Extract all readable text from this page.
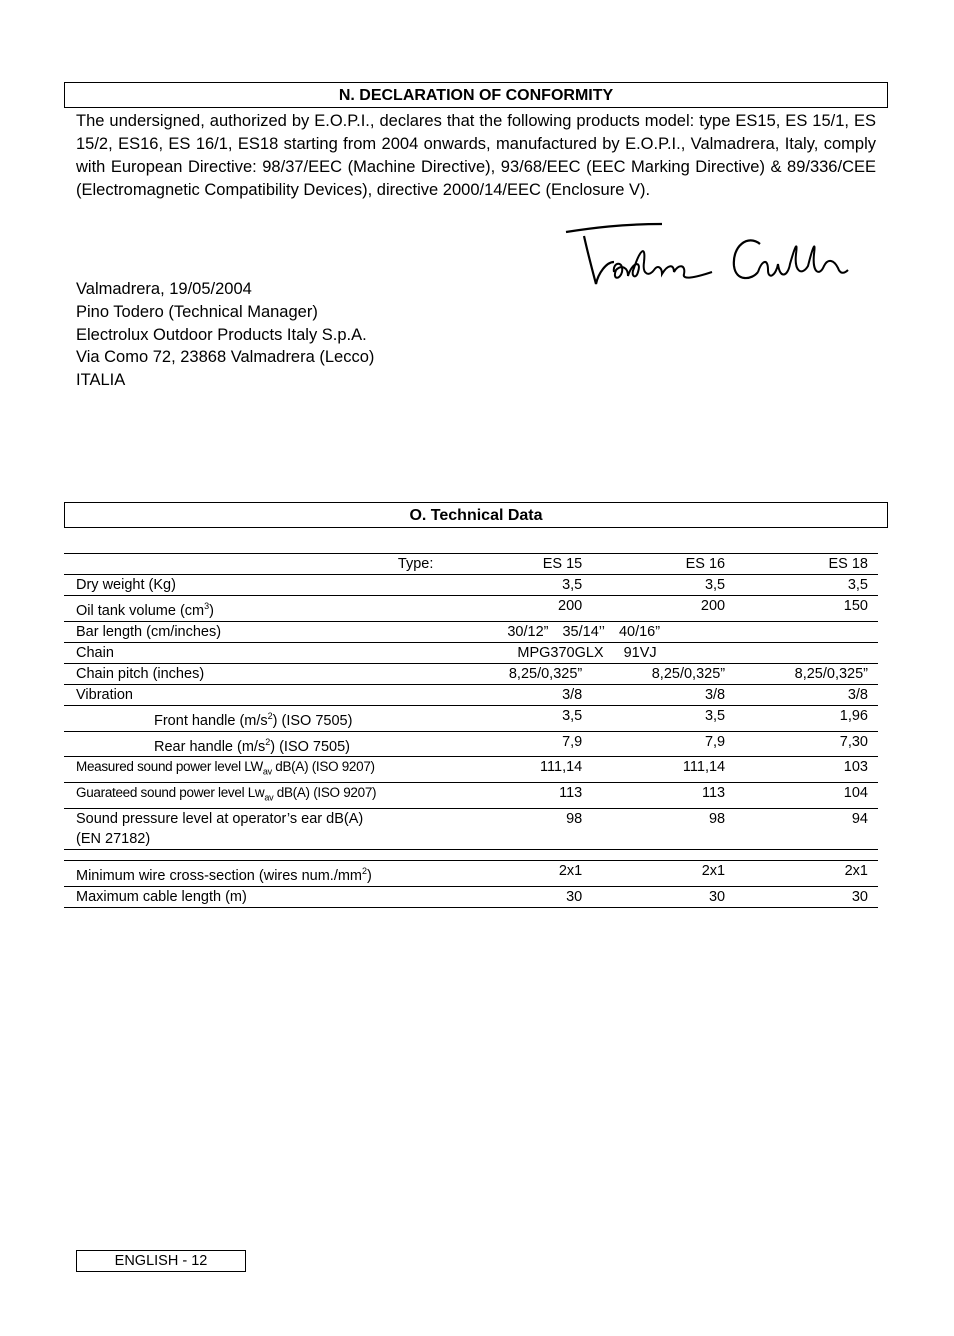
N. DECLARATION OF CONFORMITY
The undersigned, authorized by E.O.P.I., declares that the following products model: type ES15, ES 15/1, ES 15/2, ES16, ES 16/1, ES18 starting from 2004 onwards, manufactured by E.O.P.I., Valmadrera, Italy, comply with European Directive: 98/37/EEC (Machine Directive), 93/68/EEC (EEC Marking Directive) & 89/336/CEE (Electromagnetic Compatibility Devices), directive 2000/14/EEC (Enclosure V).
Valmadrera, 19/05/2004
Pino Todero (Technical Manager)
Electrolux Outdoor Products Italy S.p.A.
Via Como 72, 23868 Valmadrera (Lecco)
ITALIA
O. Technical Data
Type:	ES 15	ES 16	ES 18
Dry weight (Kg)	3,5	3,5	3,5
Oil tank volume $(cm^3)$	200	200	150
Bar length (cm/inches)	30/12” 35/14’’ 40/16”		
Chain	MPG370GLX 91VJ		
Chain pitch (inches)	8,25/0,325”	8,25/0,325”	8,25/0,325”
Vibration	3/8	3/8	3/8
Front handle $(m/s^2)$ (ISO 7505)	3,5	3,5	1,96
Rear handle $(m/s^2)$ (ISO 7505)	7,9	7,9	7,30
Measured sound power level $LW_{av}$ dB(A) (ISO 9207)	111,14	111,14	103
Guarateed sound power level $Lw_{av}$ dB(A) (ISO 9207)	113	113	104

Sound pressure level at operator’s ear dB(A)
(EN 27182)	98	98	94

Minimum wire cross-section (wires $num./mm^2$)	2x1	2x1	2x1
Maximum cable length (m)	30	30	30
ENGLISH - 12
